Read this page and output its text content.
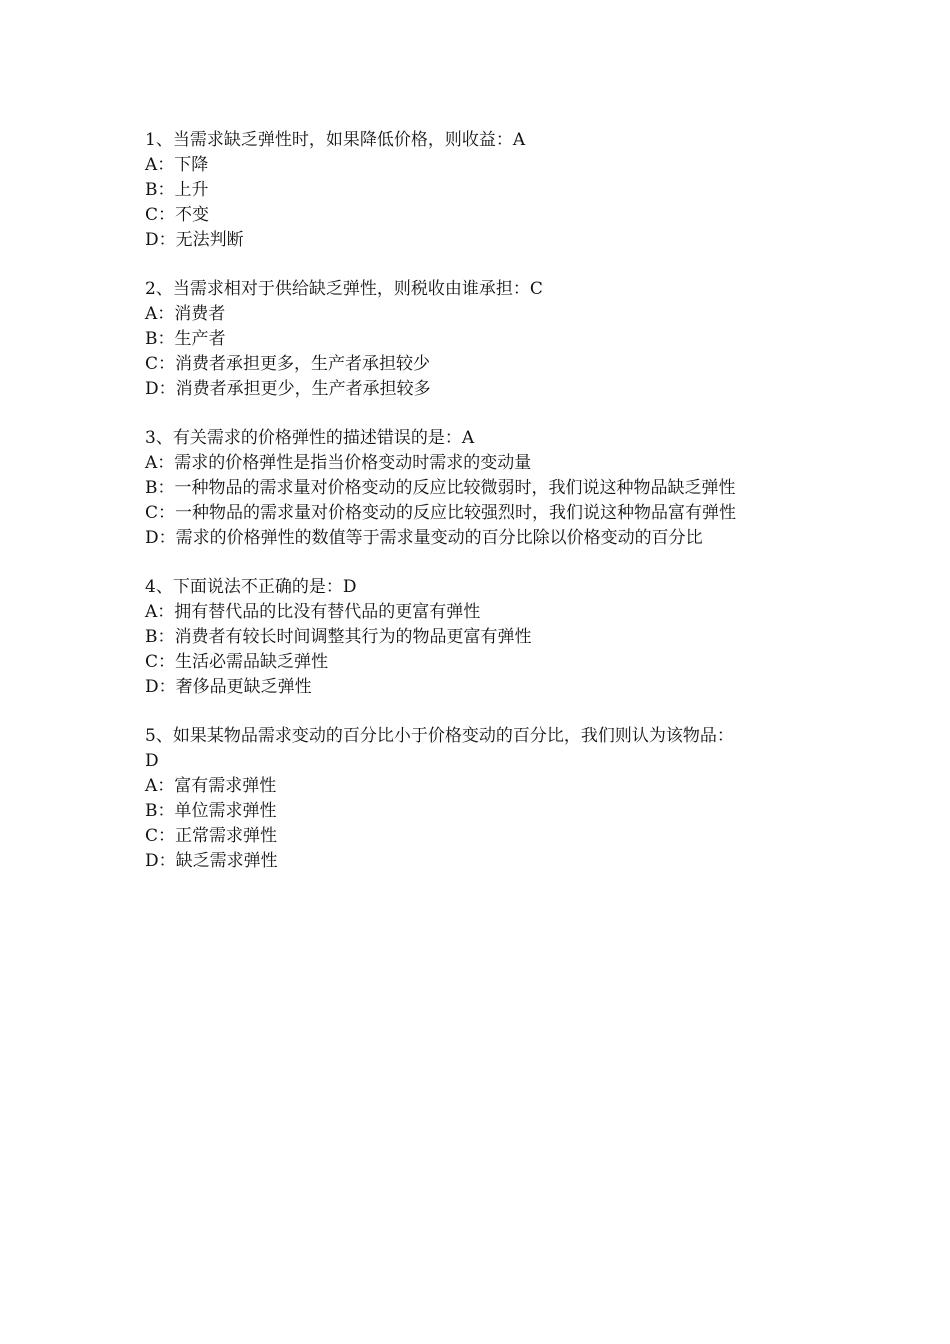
1、当需求缺乏弹性时，如果降低价格，则收益：A
A：下降
B：上升
C：不变
D：无法判断
2、当需求相对于供给缺乏弹性，则税收由谁承担：C
A：消费者
B：生产者
C：消费者承担更多，生产者承担较少
D：消费者承担更少，生产者承担较多
3、有关需求的价格弹性的描述错误的是：A
A：需求的价格弹性是指当价格变动时需求的变动量
B：一种物品的需求量对价格变动的反应比较微弱时，我们说这种物品缺乏弹性
C：一种物品的需求量对价格变动的反应比较强烈时，我们说这种物品富有弹性
D：需求的价格弹性的数值等于需求量变动的百分比除以价格变动的百分比
4、下面说法不正确的是：D
A：拥有替代品的比没有替代品的更富有弹性
B：消费者有较长时间调整其行为的物品更富有弹性
C：生活必需品缺乏弹性
D：奢侈品更缺乏弹性
5、如果某物品需求变动的百分比小于价格变动的百分比，我们则认为该物品：
D
A：富有需求弹性
B：单位需求弹性
C：正常需求弹性
D：缺乏需求弹性
